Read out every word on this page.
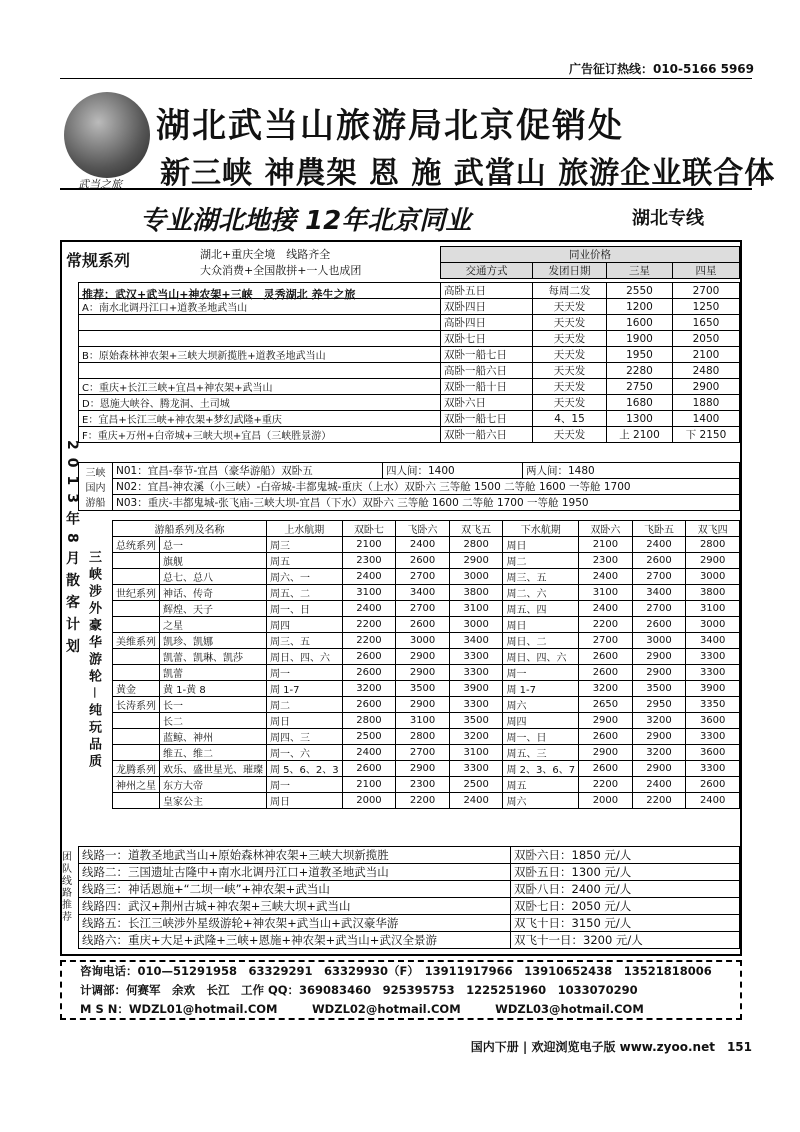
广告征订热线：010-5166 5969
武当之旅
湖北武当山旅游局北京促销处
新三峡 神農架 恩 施 武當山 旅游企业联合体
专业湖北地接 12年北京同业	湖北专线
2013年8月散客计划
常规系列	湖北+重庆全境　线路齐全
大众消费+全国散拼+一人也成团
同业价格
交通方式	发团日期	三星	四星
	高卧五日	每周二发	2550	2700
A：南水北调丹江口+道教圣地武当山	双卧四日	天天发	1200	1250
	高卧四日	天天发	1600	1650
	双卧七日	天天发	1900	2050
B：原始森林神农架+三峡大坝新揽胜+道教圣地武当山	双卧一船七日	天天发	1950	2100
	高卧一船六日	天天发	2280	2480
C：重庆+长江三峡+宜昌+神农架+武当山	双卧一船十日	天天发	2750	2900
D：恩施大峡谷、腾龙洞、土司城	双卧六日	天天发	1680	1880
E：宜昌+长江三峡+神农架+梦幻武隆+重庆	双卧一船七日	4、15	1300	1400
F：重庆+万州+白帝城+三峡大坝+宜昌（三峡胜景游）	双卧一船六日	天天发	上 2100	下 2150
推荐：武汉+武当山+神农架+三峡　灵秀湖北 养生之旅
三峡国内游船	N01：宜昌-奉节-宜昌（豪华游船）双卧五	四人间：1400	两人间：1480
N02：宜昌-神农溪（小三峡）-白帝城-丰都鬼城-重庆（上水）双卧六 三等舱 1500 二等舱 1600 一等舱 1700
N03：重庆-丰都鬼城-张飞庙-三峡大坝-宜昌（下水）双卧六 三等舱 1600 二等舱 1700 一等舱 1950
三峡涉外豪华游轮－纯玩品质
游船系列及名称		上水航期	双卧七	飞卧六	双飞五	下水航期	双卧六	飞卧五	双飞四
总统系列	总一	周三	2100	2400	2800	周日	2100	2400	2800
	旗舰	周五	2300	2600	2900	周二	2300	2600	2900
	总七、总八	周六、一	2400	2700	3000	周三、五	2400	2700	3000
世纪系列	神话、传奇	周五、二	3100	3400	3800	周二、六	3100	3400	3800
	辉煌、天子	周一、日	2400	2700	3100	周五、四	2400	2700	3100
	之星	周四	2200	2600	3000	周日	2200	2600	3000
美维系列	凯珍、凯娜	周三、五	2200	3000	3400	周日、二	2700	3000	3400
	凯蕾、凯琳、凯莎	周日、四、六	2600	2900	3300	周日、四、六	2600	2900	3300
	凯蕾	周一	2600	2900	3300	周一	2600	2900	3300
黄金	黄 1-黄 8	周 1-7	3200	3500	3900	周 1-7	3200	3500	3900
长涛系列	长一	周二	2600	2900	3300	周六	2650	2950	3350
	长二	周日	2800	3100	3500	周四	2900	3200	3600
	蓝鲸、神州	周四、三	2500	2800	3200	周一、日	2600	2900	3300
	维五、维二	周一、六	2400	2700	3100	周五、三	2900	3200	3600
龙腾系列	欢乐、盛世星光、璀璨	周 5、6、2、3	2600	2900	3300	周 2、3、6、7	2600	2900	3300
神州之星	东方大帝	周一	2100	2300	2500	周五	2200	2400	2600
	皇家公主	周日	2000	2200	2400	周六	2000	2200	2400
团队线路推荐
线路一：道教圣地武当山+原始森林神农架+三峡大坝新揽胜	双卧六日：1850 元/人
线路二：三国遗址古隆中+南水北调丹江口+道教圣地武当山	双卧五日：1300 元/人
线路三：神话恩施+“二坝一峡”+神农架+武当山	双卧八日：2400 元/人
线路四：武汉+荆州古城+神农架+三峡大坝+武当山	双卧七日：2050 元/人
线路五：长江三峡涉外星级游轮+神农架+武当山+武汉豪华游	双飞十日：3150 元/人
线路六：重庆+大足+武隆+三峡+恩施+神农架+武当山+武汉全景游	双飞十一日：3200 元/人
咨询电话：010—51291958　63329291　63329930（F）　13911917966　13910652438　13521818006
计调部：何赛军　余欢　长江　工作 QQ：369083460　925395753　1225251960　1033070290
M S N：WDZL01@hotmail.COM　　　WDZL02@hotmail.COM　　　WDZL03@hotmail.COM
国内下册 | 欢迎浏览电子版 www.zyoo.net　151
